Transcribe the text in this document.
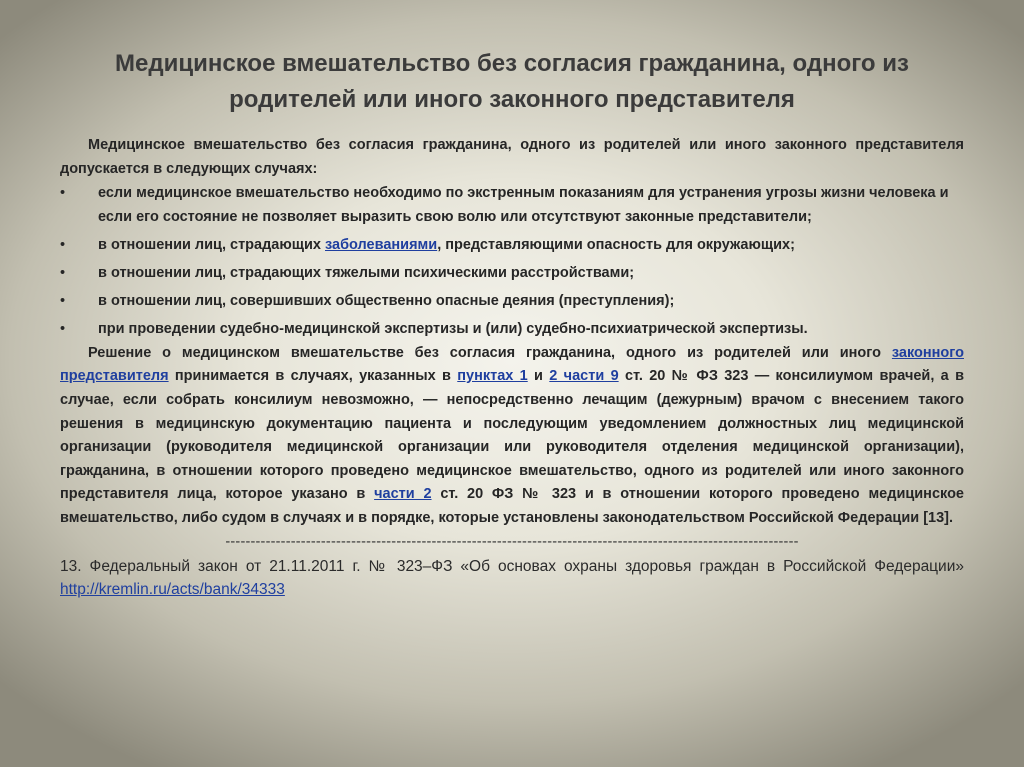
Медицинское вмешательство без согласия гражданина, одного из родителей или иного законного представителя

Медицинское вмешательство без согласия гражданина, одного из родителей или иного законного представителя допускается в следующих случаях:

• если медицинское вмешательство необходимо по экстренным показаниям для устранения угрозы жизни человека и если его состояние не позволяет выразить свою волю или отсутствуют законные представители;
• в отношении лиц, страдающих заболеваниями, представляющими опасность для окружающих;
• в отношении лиц, страдающих тяжелыми психическими расстройствами;
• в отношении лиц, совершивших общественно опасные деяния (преступления);
• при проведении судебно-медицинской экспертизы и (или) судебно-психиатрической экспертизы.

Решение о медицинском вмешательстве без согласия гражданина, одного из родителей или иного законного представителя принимается в случаях, указанных в пунктах 1 и 2 части 9 ст. 20 № ФЗ 323 — консилиумом врачей, а в случае, если собрать консилиум невозможно, — непосредственно лечащим (дежурным) врачом с внесением такого решения в медицинскую документацию пациента и последующим уведомлением должностных лиц медицинской организации (руководителя медицинской организации или руководителя отделения медицинской организации), гражданина, в отношении которого проведено медицинское вмешательство, одного из родителей или иного законного представителя лица, которое указано в части 2 ст. 20 ФЗ № 323 и в отношении которого проведено медицинское вмешательство, либо судом в случаях и в порядке, которые установлены законодательством Российской Федерации [13].

------------------------------------------------------------------------------------------------------------------

13. Федеральный закон от 21.11.2011 г. № 323–ФЗ «Об основах охраны здоровья граждан в Российской Федерации» http://kremlin.ru/acts/bank/34333
